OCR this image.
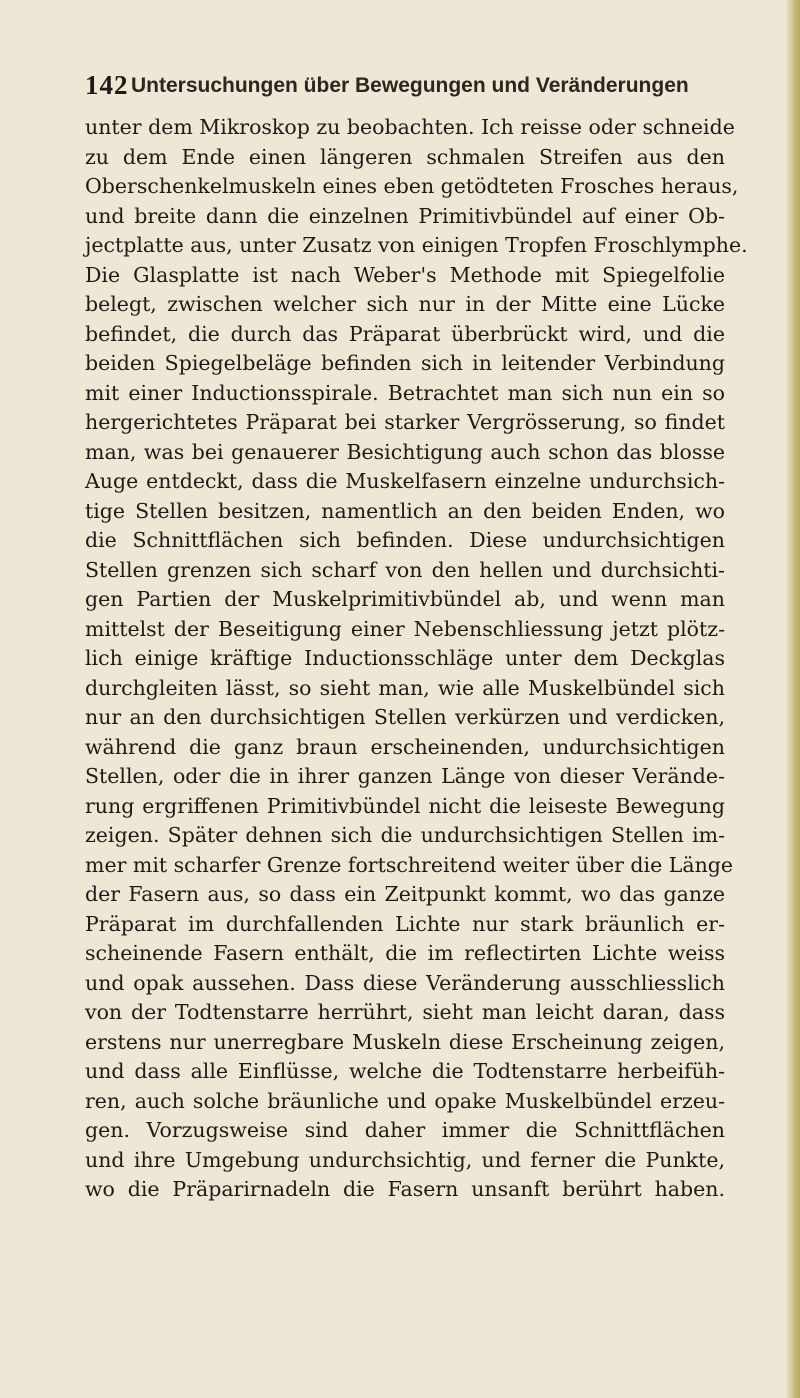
142 Untersuchungen über Bewegungen und Veränderungen
unter dem Mikroskop zu beobachten. Ich reisse oder schneide
zu dem Ende einen längeren schmalen Streifen aus den
Oberschenkelmuskeln eines eben getödteten Frosches heraus,
und breite dann die einzelnen Primitivbündel auf einer Ob-
jectplatte aus, unter Zusatz von einigen Tropfen Froschlymphe.
Die Glasplatte ist nach Weber's Methode mit Spiegelfolie
belegt, zwischen welcher sich nur in der Mitte eine Lücke
befindet, die durch das Präparat überbrückt wird, und die
beiden Spiegelbeläge befinden sich in leitender Verbindung
mit einer Inductionsspirale. Betrachtet man sich nun ein so
hergerichtetes Präparat bei starker Vergrösserung, so findet
man, was bei genauerer Besichtigung auch schon das blosse
Auge entdeckt, dass die Muskelfasern einzelne undurchsich-
tige Stellen besitzen, namentlich an den beiden Enden, wo
die Schnittflächen sich befinden. Diese undurchsichtigen
Stellen grenzen sich scharf von den hellen und durchsichti-
gen Partien der Muskelprimitivbündel ab, und wenn man
mittelst der Beseitigung einer Nebenschliessung jetzt plötz-
lich einige kräftige Inductionsschläge unter dem Deckglas
durchgleiten lässt, so sieht man, wie alle Muskelbündel sich
nur an den durchsichtigen Stellen verkürzen und verdicken,
während die ganz braun erscheinenden, undurchsichtigen
Stellen, oder die in ihrer ganzen Länge von dieser Verände-
rung ergriffenen Primitivbündel nicht die leiseste Bewegung
zeigen. Später dehnen sich die undurchsichtigen Stellen im-
mer mit scharfer Grenze fortschreitend weiter über die Länge
der Fasern aus, so dass ein Zeitpunkt kommt, wo das ganze
Präparat im durchfallenden Lichte nur stark bräunlich er-
scheinende Fasern enthält, die im reflectirten Lichte weiss
und opak aussehen. Dass diese Veränderung ausschliesslich
von der Todtenstarre herrührt, sieht man leicht daran, dass
erstens nur unerregbare Muskeln diese Erscheinung zeigen,
und dass alle Einflüsse, welche die Todtenstarre herbeifüh-
ren, auch solche bräunliche und opake Muskelbündel erzeu-
gen. Vorzugsweise sind daher immer die Schnittflächen
und ihre Umgebung undurchsichtig, und ferner die Punkte,
wo die Präparirnadeln die Fasern unsanft berührt haben.
